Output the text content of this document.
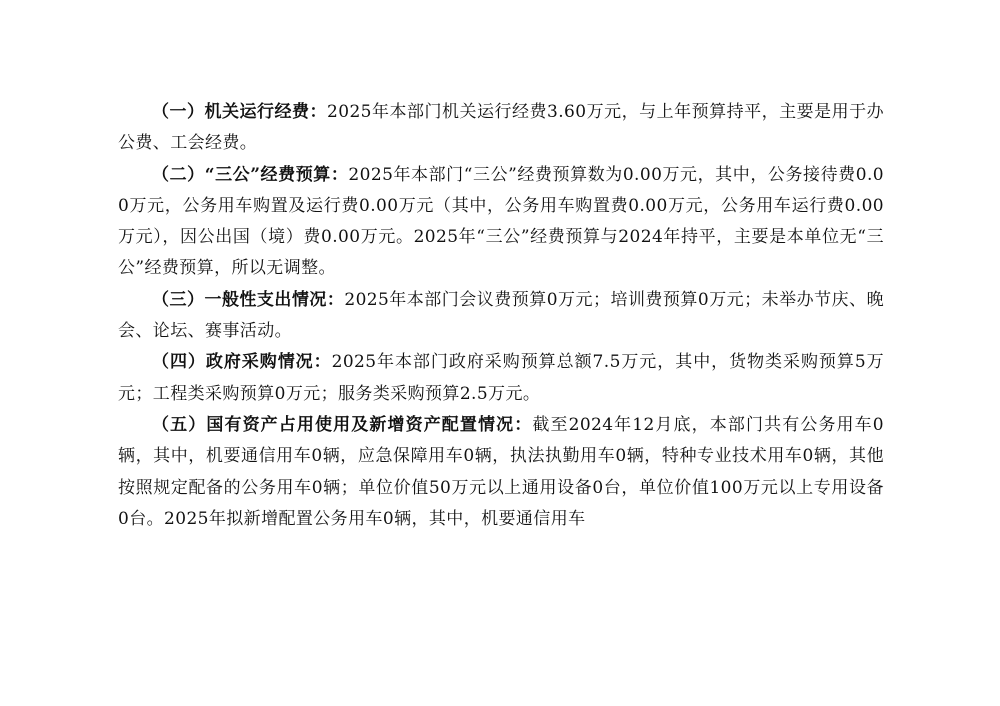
（一）机关运行经费：2025年本部门机关运行经费3.60万元，与上年预算持平，主要是用于办公费、工会经费。

（二）“三公”经费预算：2025年本部门“三公”经费预算数为0.00万元，其中，公务接待费0.00万元，公务用车购置及运行费0.00万元（其中，公务用车购置费0.00万元，公务用车运行费0.00万元），因公出国（境）费0.00万元。2025年“三公”经费预算与2024年持平，主要是本单位无“三公”经费预算，所以无调整。

（三）一般性支出情况：2025年本部门会议费预算0万元；培训费预算0万元；未举办节庆、晚会、论坛、赛事活动。

（四）政府采购情况：2025年本部门政府采购预算总额7.5万元，其中，货物类采购预算5万元；工程类采购预算0万元；服务类采购预算2.5万元。

（五）国有资产占用使用及新增资产配置情况：截至2024年12月底，本部门共有公务用车0辆，其中，机要通信用车0辆，应急保障用车0辆，执法执勤用车0辆，特种专业技术用车0辆，其他按照规定配备的公务用车0辆；单位价值50万元以上通用设备0台，单位价值100万元以上专用设备0台。2025年拟新增配置公务用车0辆，其中，机要通信用车
